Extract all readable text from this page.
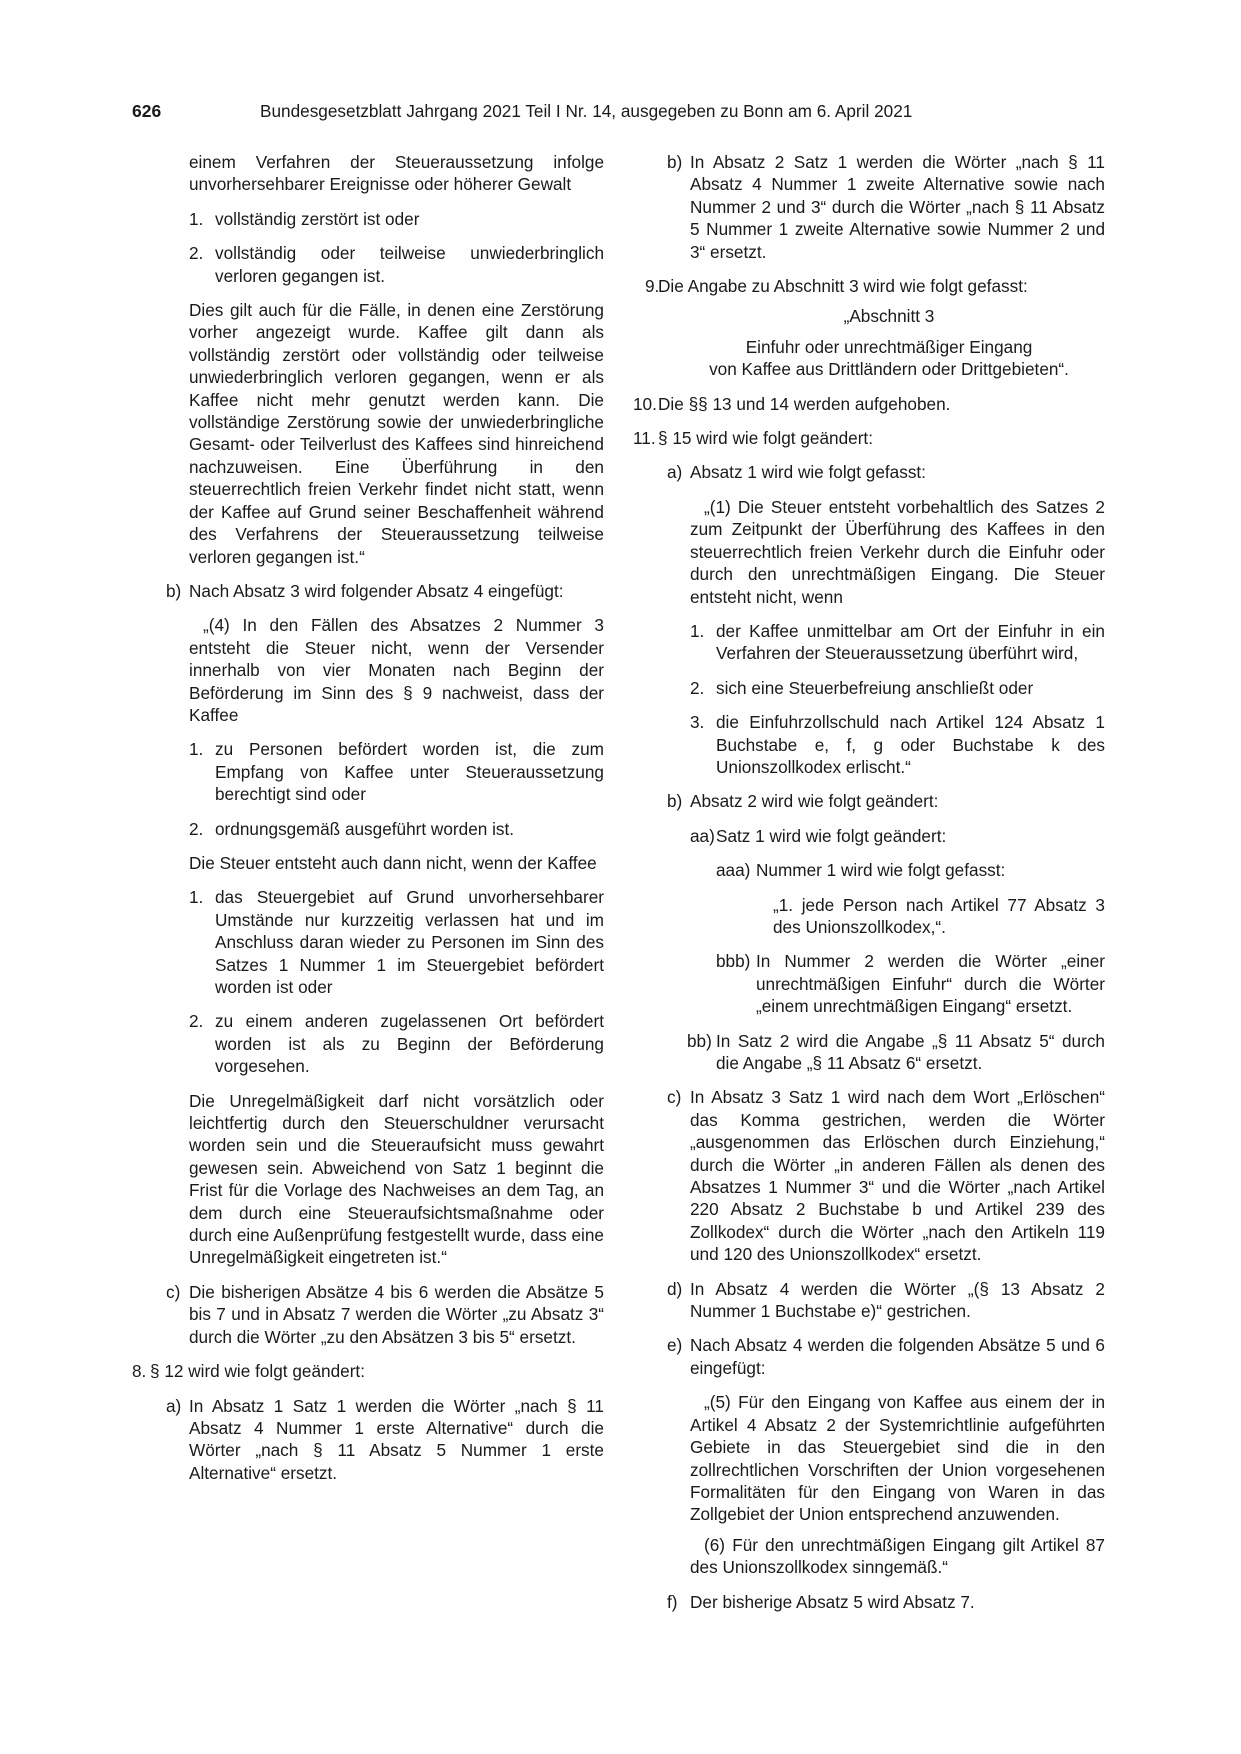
626	Bundesgesetzblatt Jahrgang 2021 Teil I Nr. 14, ausgegeben zu Bonn am 6. April 2021

einem Verfahren der Steueraussetzung infolge unvorhersehbarer Ereignisse oder höherer Gewalt

1. vollständig zerstört ist oder

2. vollständig oder teilweise unwiederbringlich verloren gegangen ist.

Dies gilt auch für die Fälle, in denen eine Zerstörung vorher angezeigt wurde. Kaffee gilt dann als vollständig zerstört oder vollständig oder teilweise unwiederbringlich verloren gegangen, wenn er als Kaffee nicht mehr genutzt werden kann. Die vollständige Zerstörung sowie der unwiederbringliche Gesamt- oder Teilverlust des Kaffees sind hinreichend nachzuweisen. Eine Überführung in den steuerrechtlich freien Verkehr findet nicht statt, wenn der Kaffee auf Grund seiner Beschaffenheit während des Verfahrens der Steueraussetzung teilweise verloren gegangen ist.“

b) Nach Absatz 3 wird folgender Absatz 4 eingefügt:

„(4) In den Fällen des Absatzes 2 Nummer 3 entsteht die Steuer nicht, wenn der Versender innerhalb von vier Monaten nach Beginn der Beförderung im Sinn des § 9 nachweist, dass der Kaffee

1. zu Personen befördert worden ist, die zum Empfang von Kaffee unter Steueraussetzung berechtigt sind oder

2. ordnungsgemäß ausgeführt worden ist.

Die Steuer entsteht auch dann nicht, wenn der Kaffee

1. das Steuergebiet auf Grund unvorhersehbarer Umstände nur kurzzeitig verlassen hat und im Anschluss daran wieder zu Personen im Sinn des Satzes 1 Nummer 1 im Steuergebiet befördert worden ist oder

2. zu einem anderen zugelassenen Ort befördert worden ist als zu Beginn der Beförderung vorgesehen.

Die Unregelmäßigkeit darf nicht vorsätzlich oder leichtfertig durch den Steuerschuldner verursacht worden sein und die Steueraufsicht muss gewahrt gewesen sein. Abweichend von Satz 1 beginnt die Frist für die Vorlage des Nachweises an dem Tag, an dem durch eine Steueraufsichtsmaßnahme oder durch eine Außenprüfung festgestellt wurde, dass eine Unregelmäßigkeit eingetreten ist.“

c) Die bisherigen Absätze 4 bis 6 werden die Absätze 5 bis 7 und in Absatz 7 werden die Wörter „zu Absatz 3“ durch die Wörter „zu den Absätzen 3 bis 5“ ersetzt.

8. § 12 wird wie folgt geändert:

a) In Absatz 1 Satz 1 werden die Wörter „nach § 11 Absatz 4 Nummer 1 erste Alternative“ durch die Wörter „nach § 11 Absatz 5 Nummer 1 erste Alternative“ ersetzt.

b) In Absatz 2 Satz 1 werden die Wörter „nach § 11 Absatz 4 Nummer 1 zweite Alternative sowie nach Nummer 2 und 3“ durch die Wörter „nach § 11 Absatz 5 Nummer 1 zweite Alternative sowie Nummer 2 und 3“ ersetzt.

9.

Die Angabe zu Abschnitt 3 wird wie folgt gefasst:

„Abschnitt 3

Einfuhr oder unrechtmäßiger Eingang

von Kaffee aus Drittländern oder Drittgebieten“.

10. Die §§ 13 und 14 werden aufgehoben.

11. § 15 wird wie folgt geändert:

a) Absatz 1 wird wie folgt gefasst:

„(1) Die Steuer entsteht vorbehaltlich des Satzes 2 zum Zeitpunkt der Überführung des Kaffees in den steuerrechtlich freien Verkehr durch die Einfuhr oder durch den unrechtmäßigen Eingang. Die Steuer entsteht nicht, wenn

1. der Kaffee unmittelbar am Ort der Einfuhr in ein Verfahren der Steueraussetzung überführt wird,

2. sich eine Steuerbefreiung anschließt oder

3. die Einfuhrzollschuld nach Artikel 124 Absatz 1 Buchstabe e, f, g oder Buchstabe k des Unionszollkodex erlischt.“

b) Absatz 2 wird wie folgt geändert:

aa) Satz 1 wird wie folgt geändert:

aaa) Nummer 1 wird wie folgt gefasst:

„1. jede Person nach Artikel 77 Absatz 3 des Unionszollkodex,“.

bbb) In Nummer 2 werden die Wörter „einer unrechtmäßigen Einfuhr“ durch die Wörter „einem unrechtmäßigen Eingang“ ersetzt.

bb) In Satz 2 wird die Angabe „§ 11 Absatz 5“ durch die Angabe „§ 11 Absatz 6“ ersetzt.

c) In Absatz 3 Satz 1 wird nach dem Wort „Erlöschen“ das Komma gestrichen, werden die Wörter „ausgenommen das Erlöschen durch Einziehung,“ durch die Wörter „in anderen Fällen als denen des Absatzes 1 Nummer 3“ und die Wörter „nach Artikel 220 Absatz 2 Buchstabe b und Artikel 239 des Zollkodex“ durch die Wörter „nach den Artikeln 119 und 120 des Unionszollkodex“ ersetzt.

d) In Absatz 4 werden die Wörter „(§ 13 Absatz 2 Nummer 1 Buchstabe e)“ gestrichen.

e) Nach Absatz 4 werden die folgenden Absätze 5 und 6 eingefügt:

„(5) Für den Eingang von Kaffee aus einem der in Artikel 4 Absatz 2 der Systemrichtlinie aufgeführten Gebiete in das Steuergebiet sind die in den zollrechtlichen Vorschriften der Union vorgesehenen Formalitäten für den Eingang von Waren in das Zollgebiet der Union entsprechend anzuwenden.

(6) Für den unrechtmäßigen Eingang gilt Artikel 87 des Unionszollkodex sinngemäß.“

f) Der bisherige Absatz 5 wird Absatz 7.
